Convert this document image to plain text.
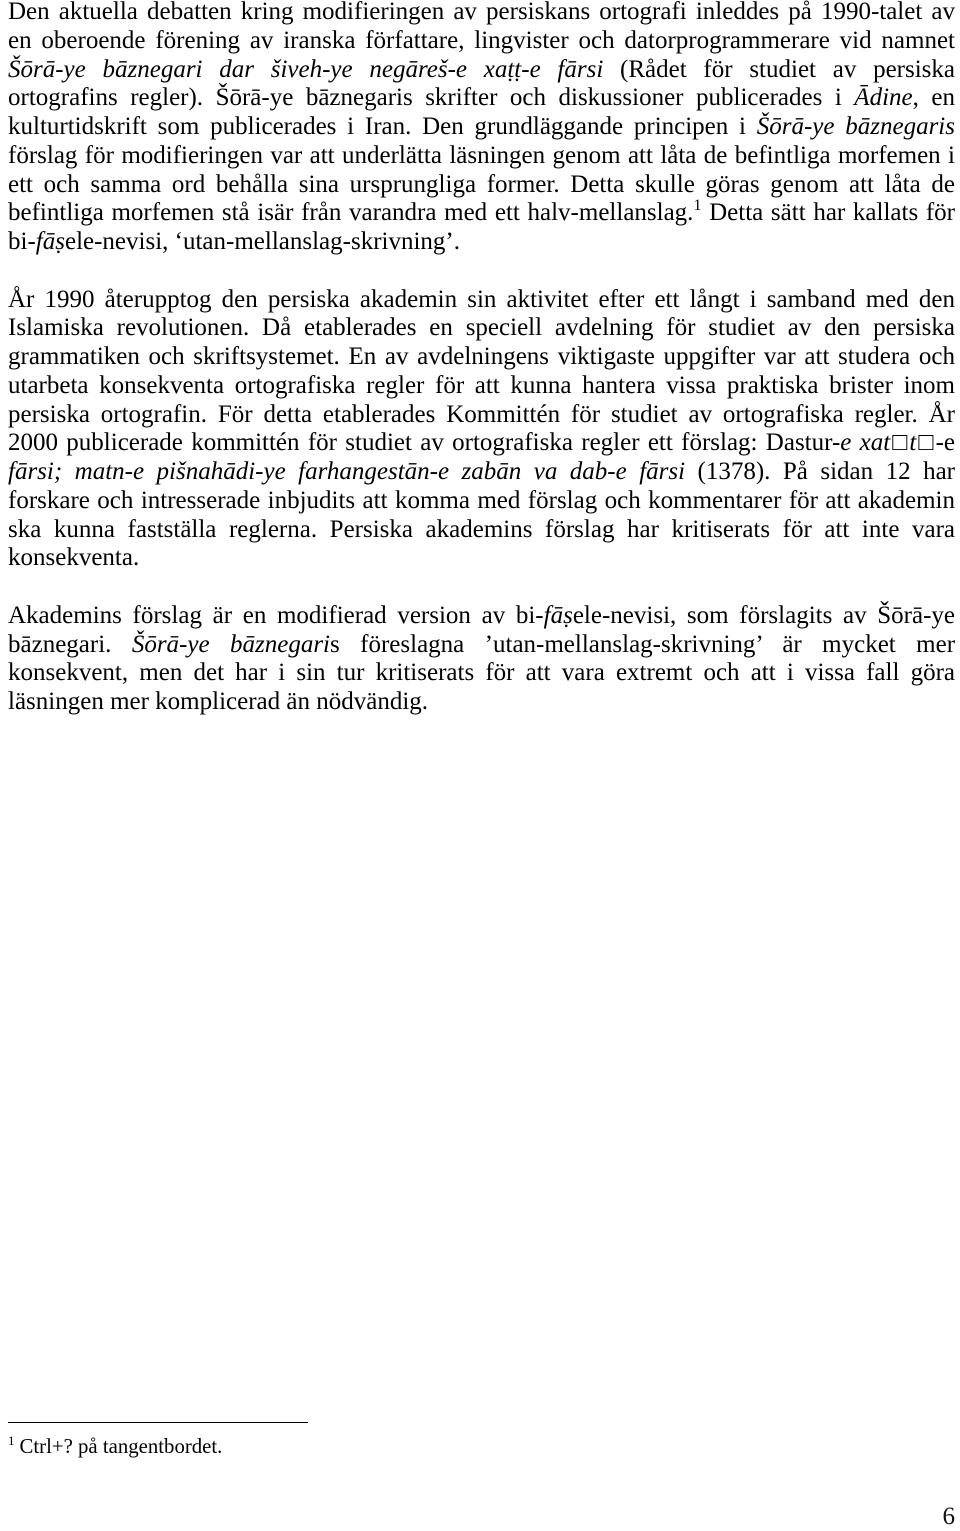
Den aktuella debatten kring modifieringen av persiskans ortografi inleddes på 1990-talet av
en oberoende förening av iranska författare, lingvister och datorprogrammerare vid namnet
Šōrā-ye bāznegari dar šiveh-ye negāreš-e xaṭṭ-e fārsi (Rådet för studiet av persiska
ortografins regler). Šōrā-ye bāznegaris skrifter och diskussioner publicerades i Ādine, en
kulturtidskrift som publicerades i Iran. Den grundläggande principen i Šōrā-ye bāznegaris
förslag för modifieringen var att underlätta läsningen genom att låta de befintliga morfemen i
ett och samma ord behålla sina ursprungliga former. Detta skulle göras genom att låta de
befintliga morfemen stå isär från varandra med ett halv-mellanslag.$^1$ Detta sätt har kallats för
bi-fāṣele-nevisi, ‘utan-mellanslag-skrivning’.

År 1990 återupptog den persiska akademin sin aktivitet efter ett långt i samband med den
Islamiska revolutionen. Då etablerades en speciell avdelning för studiet av den persiska
grammatiken och skriftsystemet. En av avdelningens viktigaste uppgifter var att studera och
utarbeta konsekventa ortografiska regler för att kunna hantera vissa praktiska brister inom
persiska ortografin. För detta etablerades Kommittén för studiet av ortografiska regler. År
2000 publicerade kommittén för studiet av ortografiska regler ett förslag: Dastur-e xat□t□-e
fārsi; matn-e pišnahādi-ye farhangestān-e zabān va dab-e fārsi (1378). På sidan 12 har
forskare och intresserade inbjudits att komma med förslag och kommentarer för att akademin
ska kunna fastställa reglerna. Persiska akademins förslag har kritiserats för att inte vara
konsekventa.

Akademins förslag är en modifierad version av bi-fāṣele-nevisi, som förslagits av Šōrā-ye
bāznegari. Šōrā-ye bāznegaris föreslagna ’utan-mellanslag-skrivning’ är mycket mer
konsekvent, men det har i sin tur kritiserats för att vara extremt och att i vissa fall göra
läsningen mer komplicerad än nödvändig.

$^1$ Ctrl+? på tangentbordet.
6
